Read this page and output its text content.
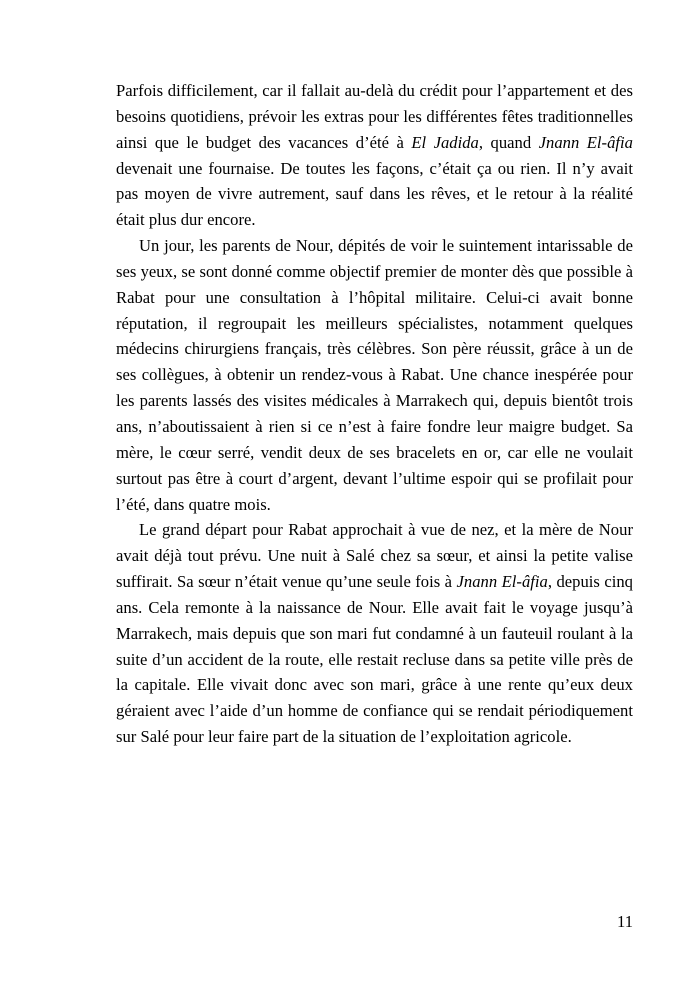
Parfois difficilement, car il fallait au-delà du crédit pour l’appartement et des besoins quotidiens, prévoir les extras pour les différentes fêtes traditionnelles ainsi que le budget des vacances d’été à El Jadida, quand Jnann El-âfia devenait une fournaise. De toutes les façons, c’était ça ou rien. Il n’y avait pas moyen de vivre autrement, sauf dans les rêves, et le retour à la réalité était plus dur encore.

Un jour, les parents de Nour, dépités de voir le suintement intarissable de ses yeux, se sont donné comme objectif premier de monter dès que possible à Rabat pour une consultation à l’hôpital militaire. Celui-ci avait bonne réputation, il regroupait les meilleurs spécialistes, notamment quelques médecins chirurgiens français, très célèbres. Son père réussit, grâce à un de ses collègues, à obtenir un rendez-vous à Rabat. Une chance inespérée pour les parents lassés des visites médicales à Marrakech qui, depuis bientôt trois ans, n’aboutissaient à rien si ce n’est à faire fondre leur maigre budget. Sa mère, le cœur serré, vendit deux de ses bracelets en or, car elle ne voulait surtout pas être à court d’argent, devant l’ultime espoir qui se profilait pour l’été, dans quatre mois.

Le grand départ pour Rabat approchait à vue de nez, et la mère de Nour avait déjà tout prévu. Une nuit à Salé chez sa sœur, et ainsi la petite valise suffirait. Sa sœur n’était venue qu’une seule fois à Jnann El-âfia, depuis cinq ans. Cela remonte à la naissance de Nour. Elle avait fait le voyage jusqu’à Marrakech, mais depuis que son mari fut condamné à un fauteuil roulant à la suite d’un accident de la route, elle restait recluse dans sa petite ville près de la capitale. Elle vivait donc avec son mari, grâce à une rente qu’eux deux géraient avec l’aide d’un homme de confiance qui se rendait périodiquement sur Salé pour leur faire part de la situation de l’exploitation agricole.

11
